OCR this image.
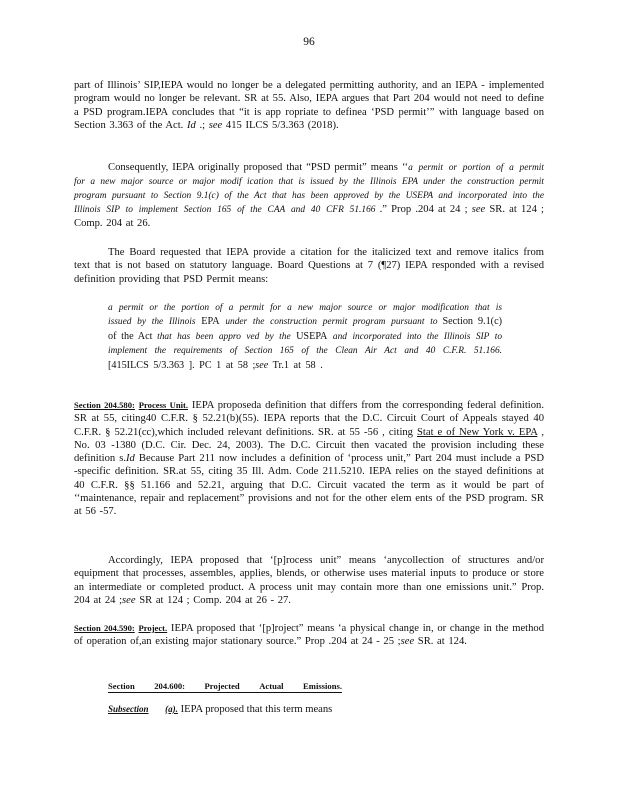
96
part of Illinois’ SIP,IEPA would no longer be a delegated permitting authority, and an IEPA - implemented program would no longer be relevant. SR at 55. Also, IEPA argues that Part 204 would not need to define a PSD program.IEPA concludes that “it is app ropriate to definea ‘PSD permit’” with language based on Section 3.363 of the Act. Id .; see 415 ILCS 5/3.363 (2018).
Consequently, IEPA originally proposed that “PSD permit” means ‘‘a permit or portion of a permit for a new major source or major modif ication that is issued by the Illinois EPA under the construction permit program pursuant to Section 9.1(c) of the Act that has been approved by the USEPA and incorporated into the Illinois SIP to implement Section 165 of the CAA and 40 CFR 51.166 .” Prop .204 at 24 ; see SR. at 124 ; Comp. 204 at 26.
The Board requested that IEPA provide a citation for the italicized text and remove italics from text that is not based on statutory language. Board Questions at 7 (¶27) IEPA responded with a revised definition providing that PSD Permit means:
a permit or the portion of a permit for a new major source or major modification that is issued by the Illinois EPA under the construction permit program pursuant to Section 9.1(c) of the Act that has been appro ved by the USEPA and incorporated into the Illinois SIP to implement the requirements of Section 165 of the Clean Air Act and 40 C.F.R. 51.166. [415ILCS 5/3.363 ]. PC 1 at 58 ;see Tr.1 at 58 .
Section 204.580: Process Unit. IEPA proposeda definition that differs from the corresponding federal definition. SR at 55, citing40 C.F.R. § 52.21(b)(55). IEPA reports that the D.C. Circuit Court of Appeals stayed 40 C.F.R. § 52.21(cc),which included relevant definitions. SR. at 55 -56 , citing Stat e of New York v. EPA , No. 03 -1380 (D.C. Cir. Dec. 24, 2003). The D.C. Circuit then vacated the provision including these definition s.Id Because Part 211 now includes a definition of ‘process unit,” Part 204 must include a PSD -specific definition. SR.at 55, citing 35 Ill. Adm. Code 211.5210. IEPA relies on the stayed definitions at 40 C.F.R. §§ 51.166 and 52.21, arguing that D.C. Circuit vacated the term as it would be part of ‘‘maintenance, repair and replacement” provisions and not for the other elem ents of the PSD program. SR at 56 -57.
Accordingly, IEPA proposed that ‘[p]rocess unit” means ‘anycollection of structures and/or equipment that processes, assembles, applies, blends, or otherwise uses material inputs to produce or store an intermediate or completed product. A process unit may contain more than one emissions unit.” Prop. 204 at 24 ;see SR at 124 ; Comp. 204 at 26 - 27.
Section 204.590: Project. IEPA proposed that ‘[p]roject” means ‘a physical change in, or change in the method of operation of,an existing major stationary source.” Prop .204 at 24 - 25 ;see SR. at 124.
Section 204.600: Projected Actual Emissions.
Subsection (a). IEPA proposed that this term means
